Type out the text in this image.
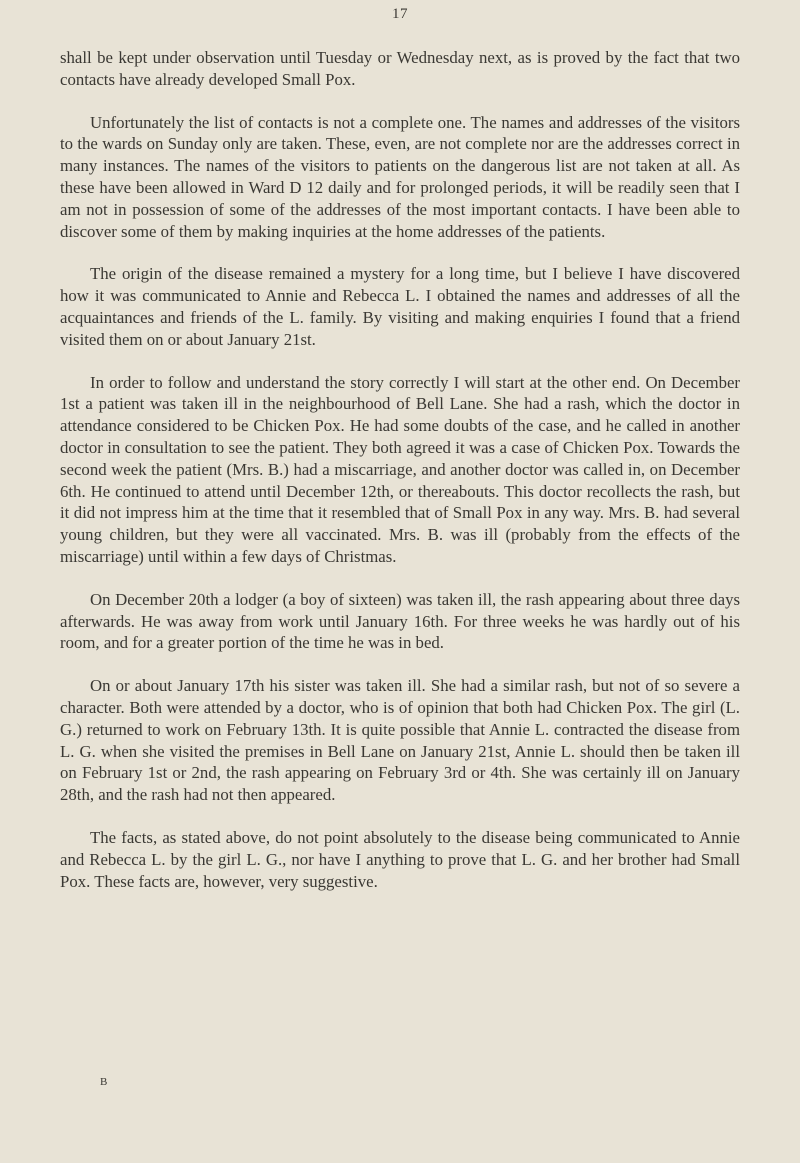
17

shall be kept under observation until Tuesday or Wednesday next, as is proved by the fact that two contacts have already developed Small Pox.

Unfortunately the list of contacts is not a complete one. The names and addresses of the visitors to the wards on Sunday only are taken. These, even, are not complete nor are the addresses correct in many instances. The names of the visitors to patients on the dangerous list are not taken at all. As these have been allowed in Ward D 12 daily and for prolonged periods, it will be readily seen that I am not in possession of some of the addresses of the most important contacts. I have been able to discover some of them by making inquiries at the home addresses of the patients.

The origin of the disease remained a mystery for a long time, but I believe I have discovered how it was communicated to Annie and Rebecca L. I obtained the names and addresses of all the acquaintances and friends of the L. family. By visiting and making enquiries I found that a friend visited them on or about January 21st.

In order to follow and understand the story correctly I will start at the other end. On December 1st a patient was taken ill in the neighbourhood of Bell Lane. She had a rash, which the doctor in attendance considered to be Chicken Pox. He had some doubts of the case, and he called in another doctor in consultation to see the patient. They both agreed it was a case of Chicken Pox. Towards the second week the patient (Mrs. B.) had a miscarriage, and another doctor was called in, on December 6th. He continued to attend until December 12th, or thereabouts. This doctor recollects the rash, but it did not impress him at the time that it resembled that of Small Pox in any way. Mrs. B. had several young children, but they were all vaccinated. Mrs. B. was ill (probably from the effects of the miscarriage) until within a few days of Christmas.

On December 20th a lodger (a boy of sixteen) was taken ill, the rash appearing about three days afterwards. He was away from work until January 16th. For three weeks he was hardly out of his room, and for a greater portion of the time he was in bed.

On or about January 17th his sister was taken ill. She had a similar rash, but not of so severe a character. Both were attended by a doctor, who is of opinion that both had Chicken Pox. The girl (L. G.) returned to work on February 13th. It is quite possible that Annie L. contracted the disease from L. G. when she visited the premises in Bell Lane on January 21st, Annie L. should then be taken ill on February 1st or 2nd, the rash appearing on February 3rd or 4th. She was certainly ill on January 28th, and the rash had not then appeared.

The facts, as stated above, do not point absolutely to the disease being communicated to Annie and Rebecca L. by the girl L. G., nor have I anything to prove that L. G. and her brother had Small Pox. These facts are, however, very suggestive.

B
